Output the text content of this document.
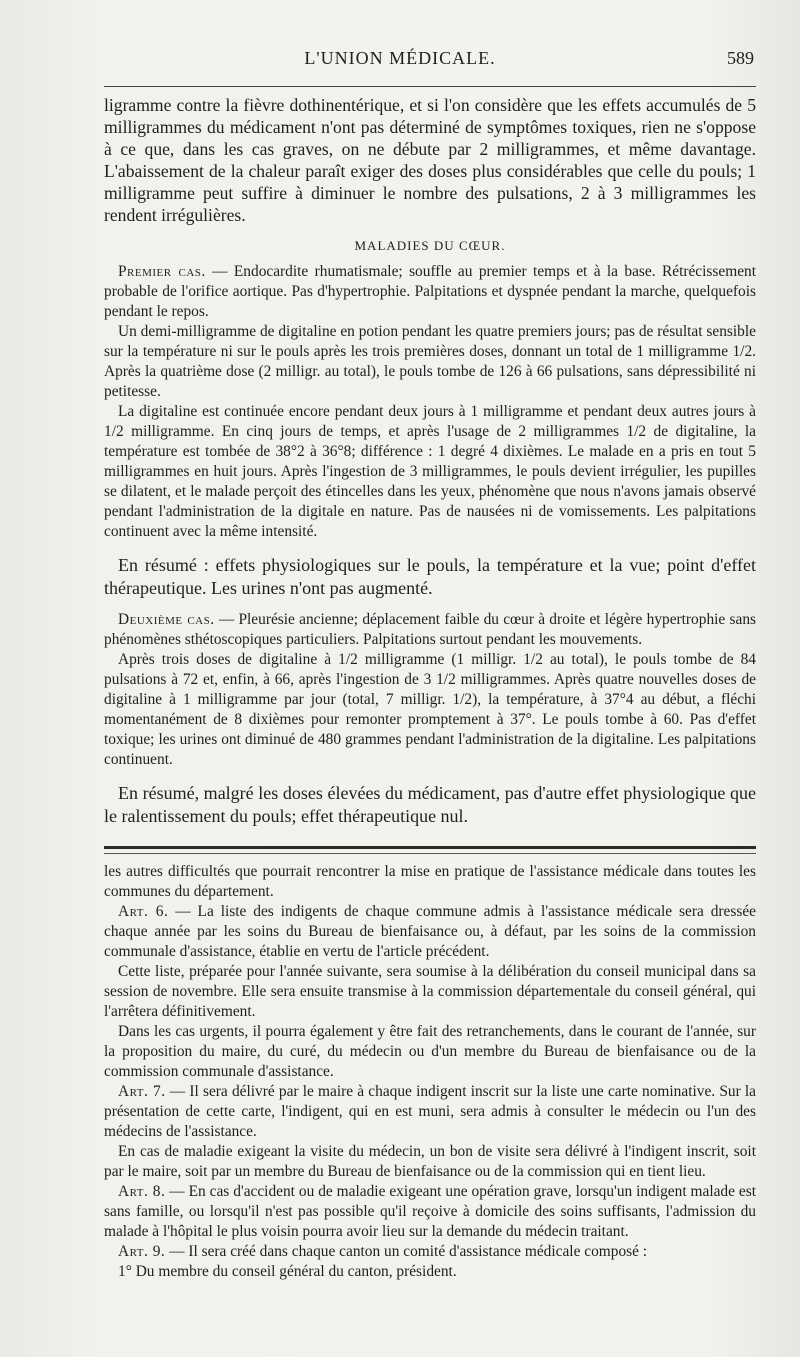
L'UNION MÉDICALE.	589

ligramme contre la fièvre dothinentérique, et si l'on considère que les effets accumulés de 5 milligrammes du médicament n'ont pas déterminé de symptômes toxiques, rien ne s'oppose à ce que, dans les cas graves, on ne débute par 2 milligrammes, et même davantage. L'abaissement de la chaleur paraît exiger des doses plus considérables que celle du pouls; 1 milligramme peut suffire à diminuer le nombre des pulsations, 2 à 3 milligrammes les rendent irrégulières.

MALADIES DU CŒUR.

Premier cas. — Endocardite rhumatismale; souffle au premier temps et à la base. Rétrécissement probable de l'orifice aortique. Pas d'hypertrophie. Palpitations et dyspnée pendant la marche, quelquefois pendant le repos.

Un demi-milligramme de digitaline en potion pendant les quatre premiers jours; pas de résultat sensible sur la température ni sur le pouls après les trois premières doses, donnant un total de 1 milligramme 1/2. Après la quatrième dose (2 milligr. au total), le pouls tombe de 126 à 66 pulsations, sans dépressibilité ni petitesse.

La digitaline est continuée encore pendant deux jours à 1 milligramme et pendant deux autres jours à 1/2 milligramme. En cinq jours de temps, et après l'usage de 2 milligrammes 1/2 de digitaline, la température est tombée de 38°2 à 36°8; différence : 1 degré 4 dixièmes. Le malade en a pris en tout 5 milligrammes en huit jours. Après l'ingestion de 3 milligrammes, le pouls devient irrégulier, les pupilles se dilatent, et le malade perçoit des étincelles dans les yeux, phénomène que nous n'avons jamais observé pendant l'administration de la digitale en nature. Pas de nausées ni de vomissements. Les palpitations continuent avec la même intensité.

En résumé : effets physiologiques sur le pouls, la température et la vue; point d'effet thérapeutique. Les urines n'ont pas augmenté.

Deuxième cas. — Pleurésie ancienne; déplacement faible du cœur à droite et légère hypertrophie sans phénomènes sthétoscopiques particuliers. Palpitations surtout pendant les mouvements.

Après trois doses de digitaline à 1/2 milligramme (1 milligr. 1/2 au total), le pouls tombe de 84 pulsations à 72 et, enfin, à 66, après l'ingestion de 3 1/2 milligrammes. Après quatre nouvelles doses de digitaline à 1 milligramme par jour (total, 7 milligr. 1/2), la température, à 37°4 au début, a fléchi momentanément de 8 dixièmes pour remonter promptement à 37°. Le pouls tombe à 60. Pas d'effet toxique; les urines ont diminué de 480 grammes pendant l'administration de la digitaline. Les palpitations continuent.

En résumé, malgré les doses élevées du médicament, pas d'autre effet physiologique que le ralentissement du pouls; effet thérapeutique nul.

les autres difficultés que pourrait rencontrer la mise en pratique de l'assistance médicale dans toutes les communes du département.

Art. 6. — La liste des indigents de chaque commune admis à l'assistance médicale sera dressée chaque année par les soins du Bureau de bienfaisance ou, à défaut, par les soins de la commission communale d'assistance, établie en vertu de l'article précédent.

Cette liste, préparée pour l'année suivante, sera soumise à la délibération du conseil municipal dans sa session de novembre. Elle sera ensuite transmise à la commission départementale du conseil général, qui l'arrêtera définitivement.

Dans les cas urgents, il pourra également y être fait des retranchements, dans le courant de l'année, sur la proposition du maire, du curé, du médecin ou d'un membre du Bureau de bienfaisance ou de la commission communale d'assistance.

Art. 7. — Il sera délivré par le maire à chaque indigent inscrit sur la liste une carte nominative. Sur la présentation de cette carte, l'indigent, qui en est muni, sera admis à consulter le médecin ou l'un des médecins de l'assistance.

En cas de maladie exigeant la visite du médecin, un bon de visite sera délivré à l'indigent inscrit, soit par le maire, soit par un membre du Bureau de bienfaisance ou de la commission qui en tient lieu.

Art. 8. — En cas d'accident ou de maladie exigeant une opération grave, lorsqu'un indigent malade est sans famille, ou lorsqu'il n'est pas possible qu'il reçoive à domicile des soins suffisants, l'admission du malade à l'hôpital le plus voisin pourra avoir lieu sur la demande du médecin traitant.

Art. 9. — Il sera créé dans chaque canton un comité d'assistance médicale composé :

1° Du membre du conseil général du canton, président.
